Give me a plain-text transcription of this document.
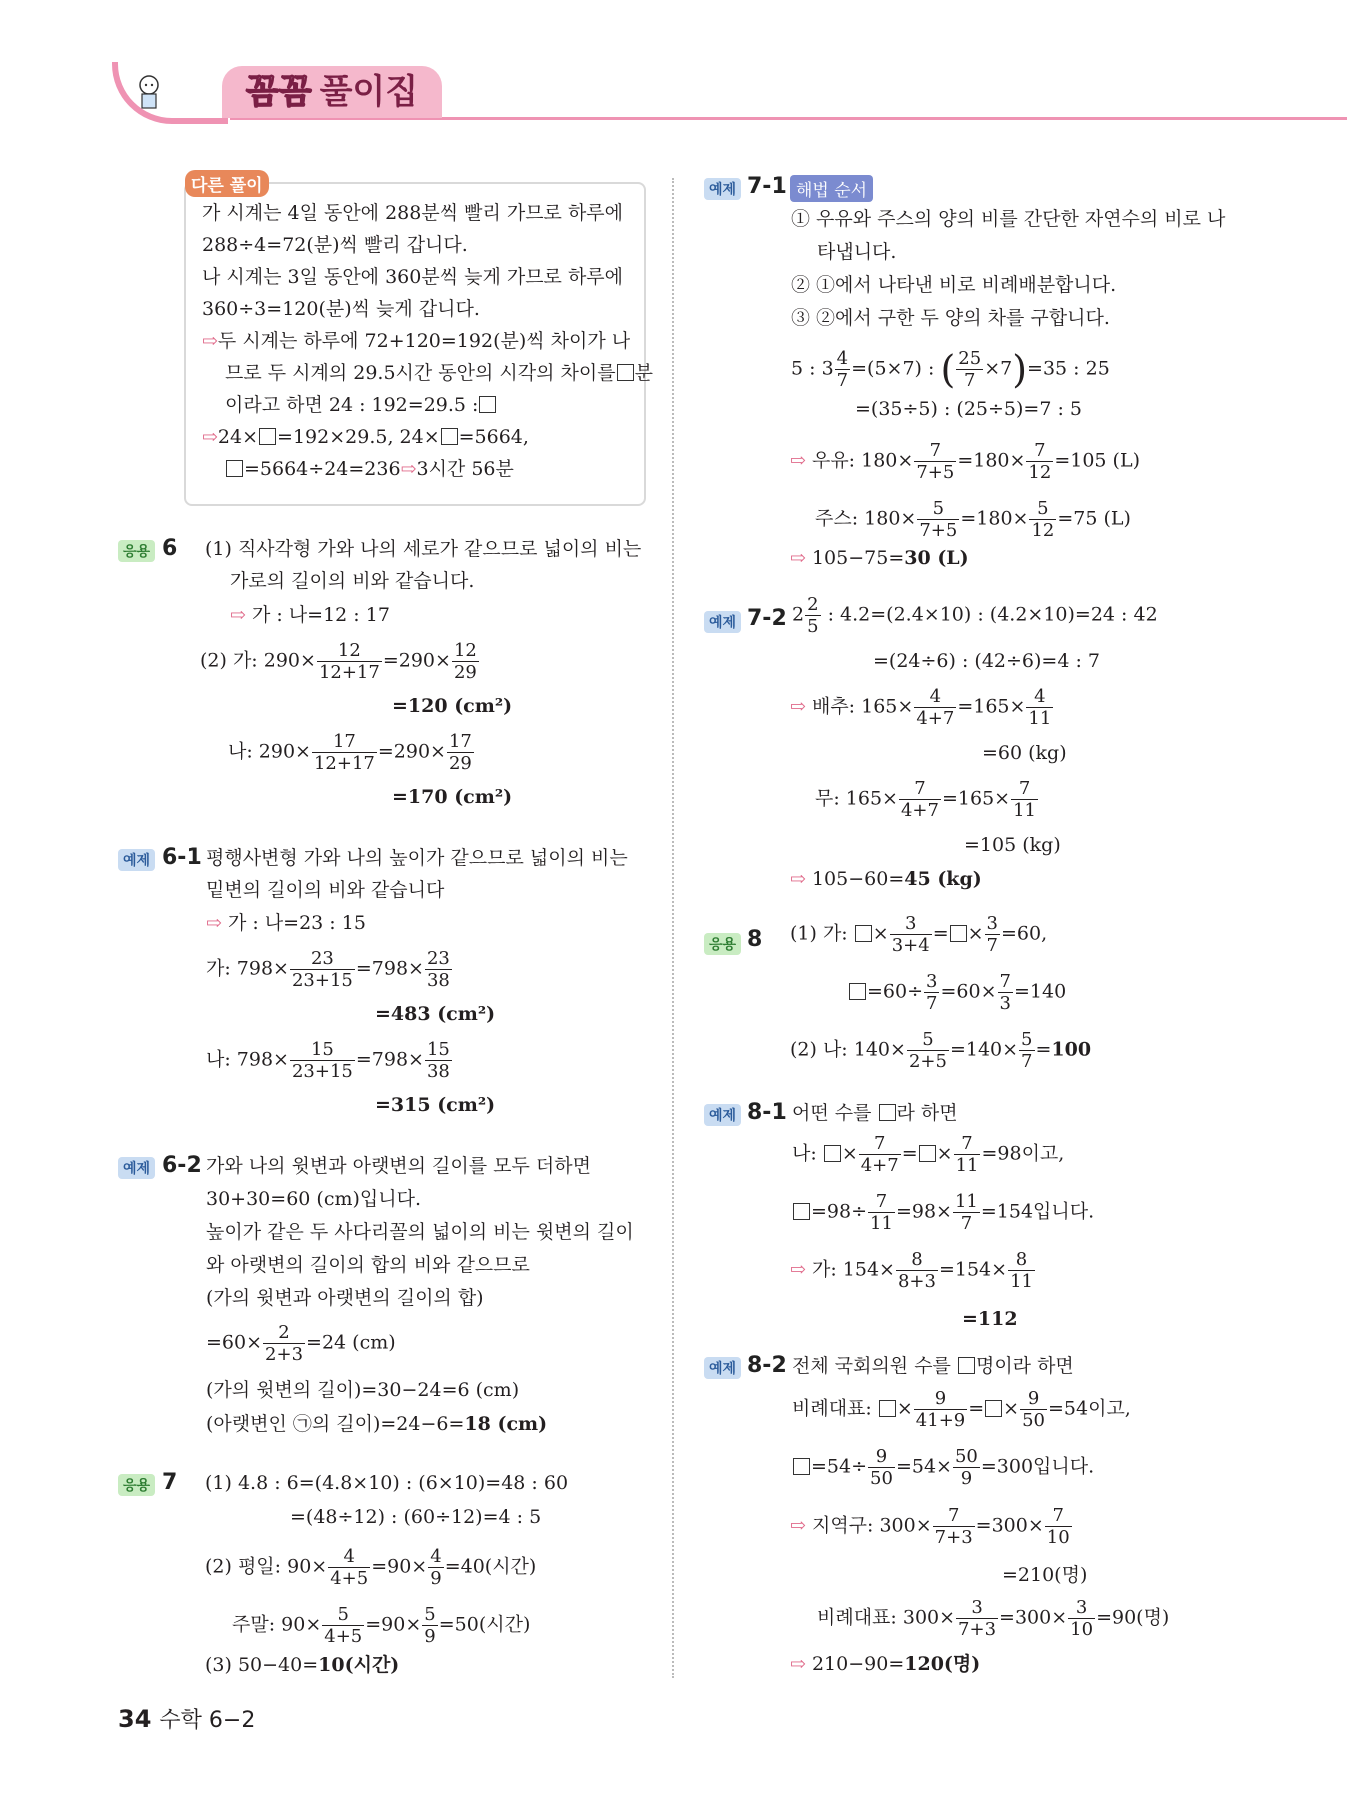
꼼꼼 풀이집
다른 풀이
가 시계는 4일 동안에 288분씩 빨리 가므로 하루에
288÷4=72(분)씩 빨리 갑니다.
나 시계는 3일 동안에 360분씩 늦게 가므로 하루에
360÷3=120(분)씩 늦게 갑니다.
⇨두 시계는 하루에 72+120=192(분)씩 차이가 나
므로 두 시계의 29.5시간 동안의 시각의 차이를 분
이라고 하면 24 : 192=29.5 :
⇨24× =192×29.5, 24× =5664,
=5664÷24=236⇨3시간 56분
응용 6 (1) 직사각형 가와 나의 세로가 같으므로 넓이의 비는
가로의 길이의 비와 같습니다.
⇨ 가 : 나=12 : 17
(2) 가: $290\times \frac{12}{12+17} =290\times \frac{12}{29}$
=120 (cm²)
나: $290\times \frac{17}{12+17} =290\times \frac{17}{29}$
=170 (cm²)
예제 6-1 평행사변형 가와 나의 높이가 같으므로 넓이의 비는
밑변의 길이의 비와 같습니다
⇨ 가 : 나=23 : 15
가: $798\times \frac{23}{23+15} =798\times \frac{23}{38}$
=483 (cm²)
나: $798\times \frac{15}{23+15} =798\times \frac{15}{38}$
=315 (cm²)
예제 6-2 가와 나의 윗변과 아랫변의 길이를 모두 더하면
30+30=60 (cm)입니다.
높이가 같은 두 사다리꼴의 넓이의 비는 윗변의 길이
와 아랫변의 길이의 합의 비와 같으므로
(가의 윗변과 아랫변의 길이의 합)
$=60\times \frac{2}{2+3} =24$ (cm)
(가의 윗변의 길이)=30−24=6 (cm)
(아랫변인 ㉠의 길이)=24−6=18 (cm)
응용 7 (1) 4.8 : 6=(4.8×10) : (6×10)=48 : 60
=(48÷12) : (60÷12)=4 : 5
(2) 평일: $90\times \frac{4}{4+5} =90\times \frac{4}{9} =40$(시간)
주말: $90\times \frac{5}{4+5} =90\times \frac{5}{9} =50$(시간)
(3) 50−40=10(시간)
예제 7-1 해법 순서
① 우유와 주스의 양의 비를 간단한 자연수의 비로 나
타냅니다.
② ①에서 나타낸 비로 비례배분합니다.
③ ②에서 구한 두 양의 차를 구합니다.
5 : $3 \frac{4}{7} =(5\times 7)$ : ( $\frac{25}{7} \times 7)=35$ : 25
=(35÷5) : (25÷5)=7 : 5
⇨ 우유: $180\times \frac{7}{7+5} =180\times \frac{7}{12} =105$ (L)
주스: $180\times \frac{5}{7+5} =180\times \frac{5}{12} =75$ (L)
⇨ 105−75=30 (L)
예제 7-2 $2 \frac{2}{5}$ : 4.2=(2.4×10) : (4.2×10)=24 : 42
=(24÷6) : (42÷6)=4 : 7
⇨ 배추: $165\times \frac{4}{4+7} =165\times \frac{4}{11}$
=60 (kg)
무: $165\times \frac{7}{4+7} =165\times \frac{7}{11}$
=105 (kg)
⇨ 105−60=45 (kg)
응용 8 (1) 가: × $\frac{3}{3+4}$ = × $\frac{3}{7} =60$,
$=60\div \frac{3}{7} =60\times \frac{7}{3} =140$
(2) 나: $140\times \frac{5}{2+5} =140\times \frac{5}{7} =100$
예제 8-1 어떤 수를 라 하면
나: × $\frac{7}{4+7}$ = × $\frac{7}{11} =98$이고,
$=98\div \frac{7}{11} =98\times \frac{11}{7} =154$입니다.
⇨ 가: $154\times \frac{8}{8+3} =154\times \frac{8}{11}$
=112
예제 8-2 전체 국회의원 수를 명이라 하면
비례대표: × $\frac{9}{41+9}$ = × $\frac{9}{50} =54$이고,
$=54\div \frac{9}{50} =54\times \frac{50}{9} =300$입니다.
⇨ 지역구: $300\times \frac{7}{7+3} =300\times \frac{7}{10}$
=210(명)
비례대표: $300\times \frac{3}{7+3} =300\times \frac{3}{10} =90$(명)
⇨ 210−90=120(명)
34 수학 6−2
